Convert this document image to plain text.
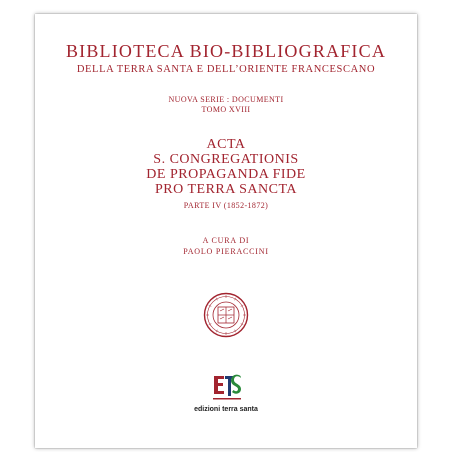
BIBLIOTECA BIO-BIBLIOGRAFICA
DELLA TERRA SANTA E DELL’ORIENTE FRANCESCANO
NUOVA SERIE : DOCUMENTI
TOMO XVIII
ACTA
S. CONGREGATIONIS
DE PROPAGANDA FIDE
PRO TERRA SANCTA
PARTE IV (1852-1872)
A CURA DI
PAOLO PIERACCINI
edizioni terra santa
